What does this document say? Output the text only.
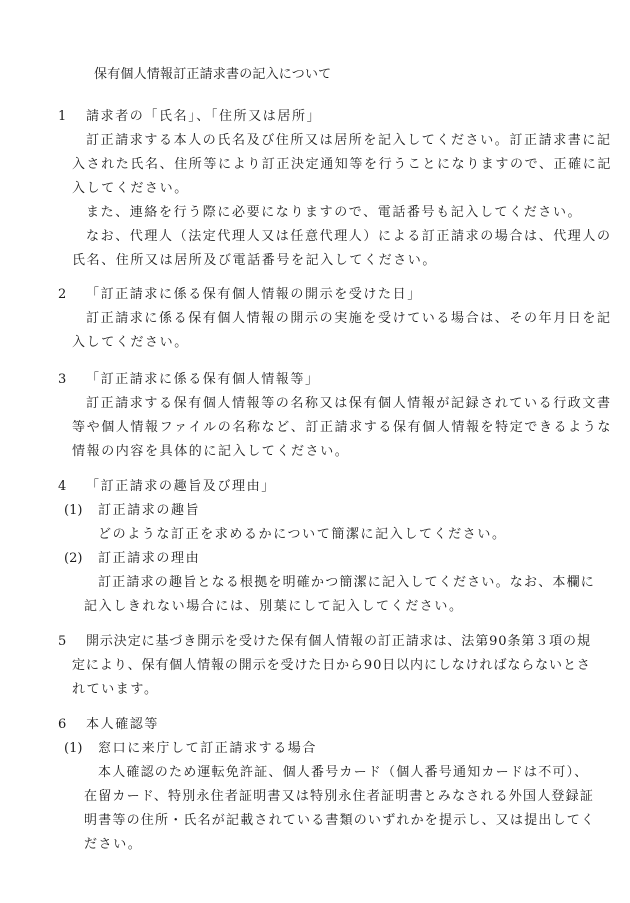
保有個人情報訂正請求書の記入について
1 請求者の「氏名」、「住所又は居所」
訂正請求する本人の氏名及び住所又は居所を記入してください。訂正請求書に記
入された氏名、住所等により訂正決定通知等を行うことになりますので、正確に記
入してください。
また、連絡を行う際に必要になりますので、電話番号も記入してください。
なお、代理人（法定代理人又は任意代理人）による訂正請求の場合は、代理人の
氏名、住所又は居所及び電話番号を記入してください。
2 「訂正請求に係る保有個人情報の開示を受けた日」
訂正請求に係る保有個人情報の開示の実施を受けている場合は、その年月日を記
入してください。
3 「訂正請求に係る保有個人情報等」
訂正請求する保有個人情報等の名称又は保有個人情報が記録されている行政文書
等や個人情報ファイルの名称など、訂正請求する保有個人情報を特定できるような
情報の内容を具体的に記入してください。
4 「訂正請求の趣旨及び理由」
(1) 訂正請求の趣旨
どのような訂正を求めるかについて簡潔に記入してください。
(2) 訂正請求の理由
訂正請求の趣旨となる根拠を明確かつ簡潔に記入してください。なお、本欄に
記入しきれない場合には、別葉にして記入してください。
5 開示決定に基づき開示を受けた保有個人情報の訂正請求は、法第90条第３項の規
定により、保有個人情報の開示を受けた日から90日以内にしなければならないとさ
れています。
6 本人確認等
(1) 窓口に来庁して訂正請求する場合
本人確認のため運転免許証、個人番号カード（個人番号通知カードは不可）、
在留カード、特別永住者証明書又は特別永住者証明書とみなされる外国人登録証
明書等の住所・氏名が記載されている書類のいずれかを提示し、又は提出してく
ださい。
